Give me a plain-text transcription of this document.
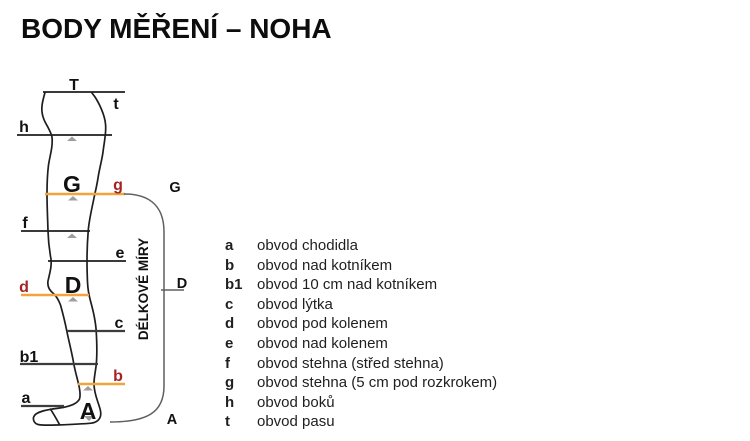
BODY MĚŘENÍ – NOHA
T
t
h
G g
f
e
D
d
c
b1
b
a A
DÉLKOVÉ MÍRY
G
D
A
a	obvod chodidla
b	obvod nad kotníkem
b1 obvod 10 cm nad kotníkem
c	obvod lýtka
d	obvod pod kolenem
e	obvod nad kolenem
f	obvod stehna (střed stehna)
g	obvod stehna (5 cm pod rozkrokem)
h	obvod boků
t	obvod pasu
